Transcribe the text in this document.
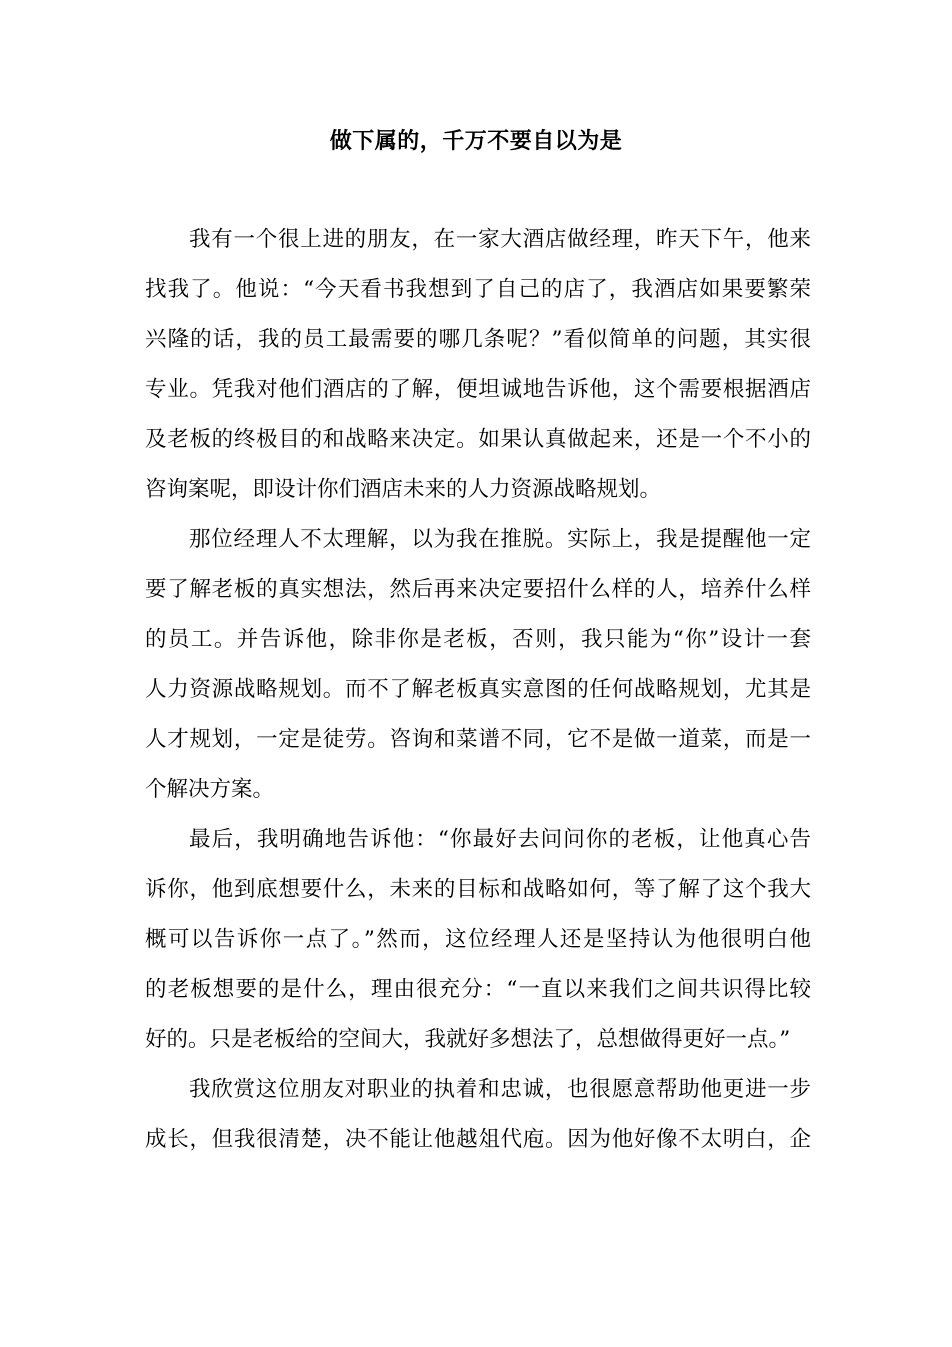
做下属的，千万不要自以为是
我有一个很上进的朋友，在一家大酒店做经理，昨天下午，他来
找我了。他说：“今天看书我想到了自己的店了，我酒店如果要繁荣
兴隆的话，我的员工最需要的哪几条呢？”看似简单的问题，其实很
专业。凭我对他们酒店的了解，便坦诚地告诉他，这个需要根据酒店
及老板的终极目的和战略来决定。如果认真做起来，还是一个不小的
咨询案呢，即设计你们酒店未来的人力资源战略规划。
那位经理人不太理解，以为我在推脱。实际上，我是提醒他一定
要了解老板的真实想法，然后再来决定要招什么样的人，培养什么样
的员工。并告诉他，除非你是老板，否则，我只能为“你”设计一套
人力资源战略规划。而不了解老板真实意图的任何战略规划，尤其是
人才规划，一定是徒劳。咨询和菜谱不同，它不是做一道菜，而是一
个解决方案。
最后，我明确地告诉他：“你最好去问问你的老板，让他真心告
诉你，他到底想要什么，未来的目标和战略如何，等了解了这个我大
概可以告诉你一点了。”然而，这位经理人还是坚持认为他很明白他
的老板想要的是什么，理由很充分：“一直以来我们之间共识得比较
好的。只是老板给的空间大，我就好多想法了，总想做得更好一点。”
我欣赏这位朋友对职业的执着和忠诚，也很愿意帮助他更进一步
成长，但我很清楚，决不能让他越俎代庖。因为他好像不太明白，企
